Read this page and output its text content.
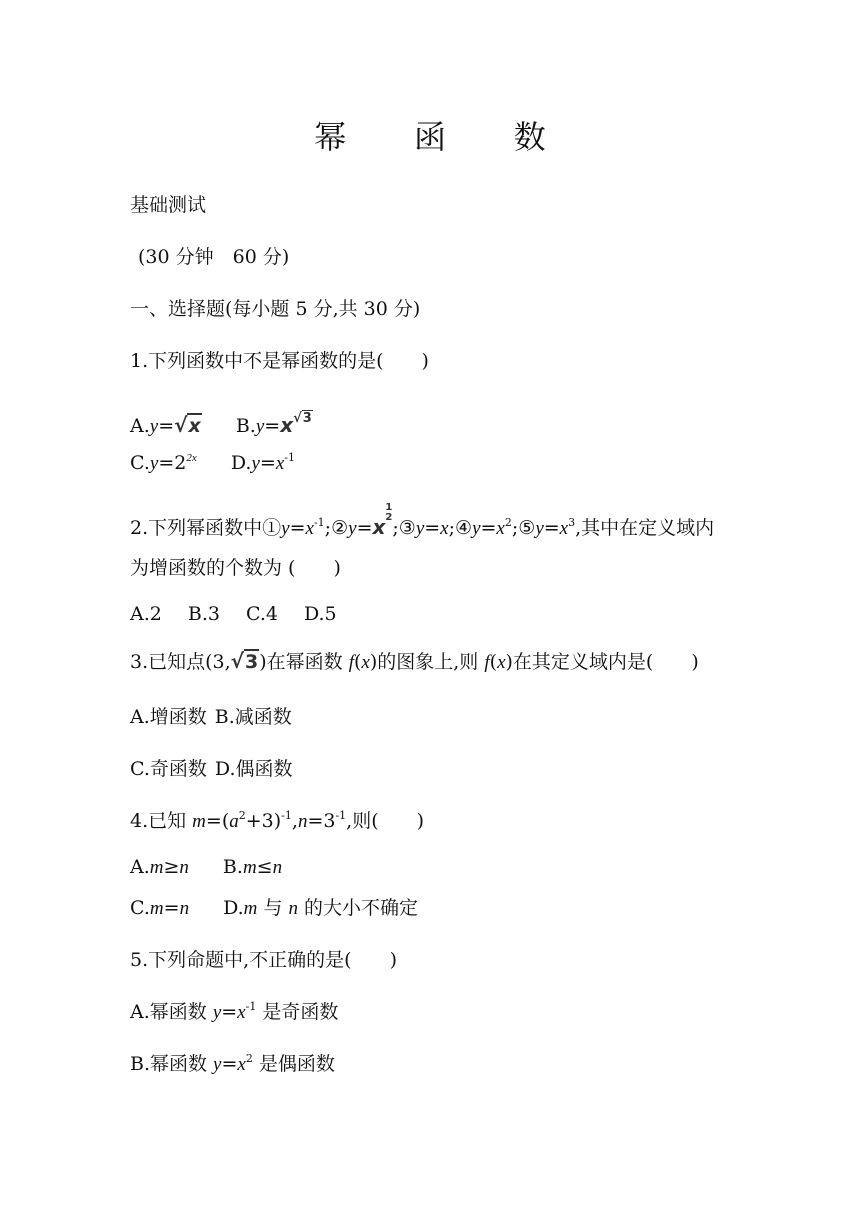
幂 函 数
基础测试
(30 分钟　60 分)
一、选择题(每小题 5 分,共 30 分)
1.下列函数中不是幂函数的是(　　)
A.y=√x $B.y=x^{√3}$
$C.y=2^{2x}$ $D.y=x^{-1}$
2.下列幂函数中$①y=x^{-1};②y=x$
1
2 $;③y=x;④y=x^2;⑤y=x^3$,其中在定义域内
为增函数的个数为 (　　)
A.2 B.3 C.4 D.5
3.已知点(3,√3)在幂函数 f(x)的图象上,则 f(x)在其定义域内是(　　)
A.增函数 B.减函数
C.奇函数 D.偶函数
4.已知 $m=(a^2+3)^{-1},n=3^{-1}$,则(　　)
A.m≥n B.m≤n
C.m=n D.m 与 n 的大小不确定
5.下列命题中,不正确的是(　　)
A.幂函数 $y=x^{-1}$ 是奇函数
B.幂函数 $y=x^2$ 是偶函数
